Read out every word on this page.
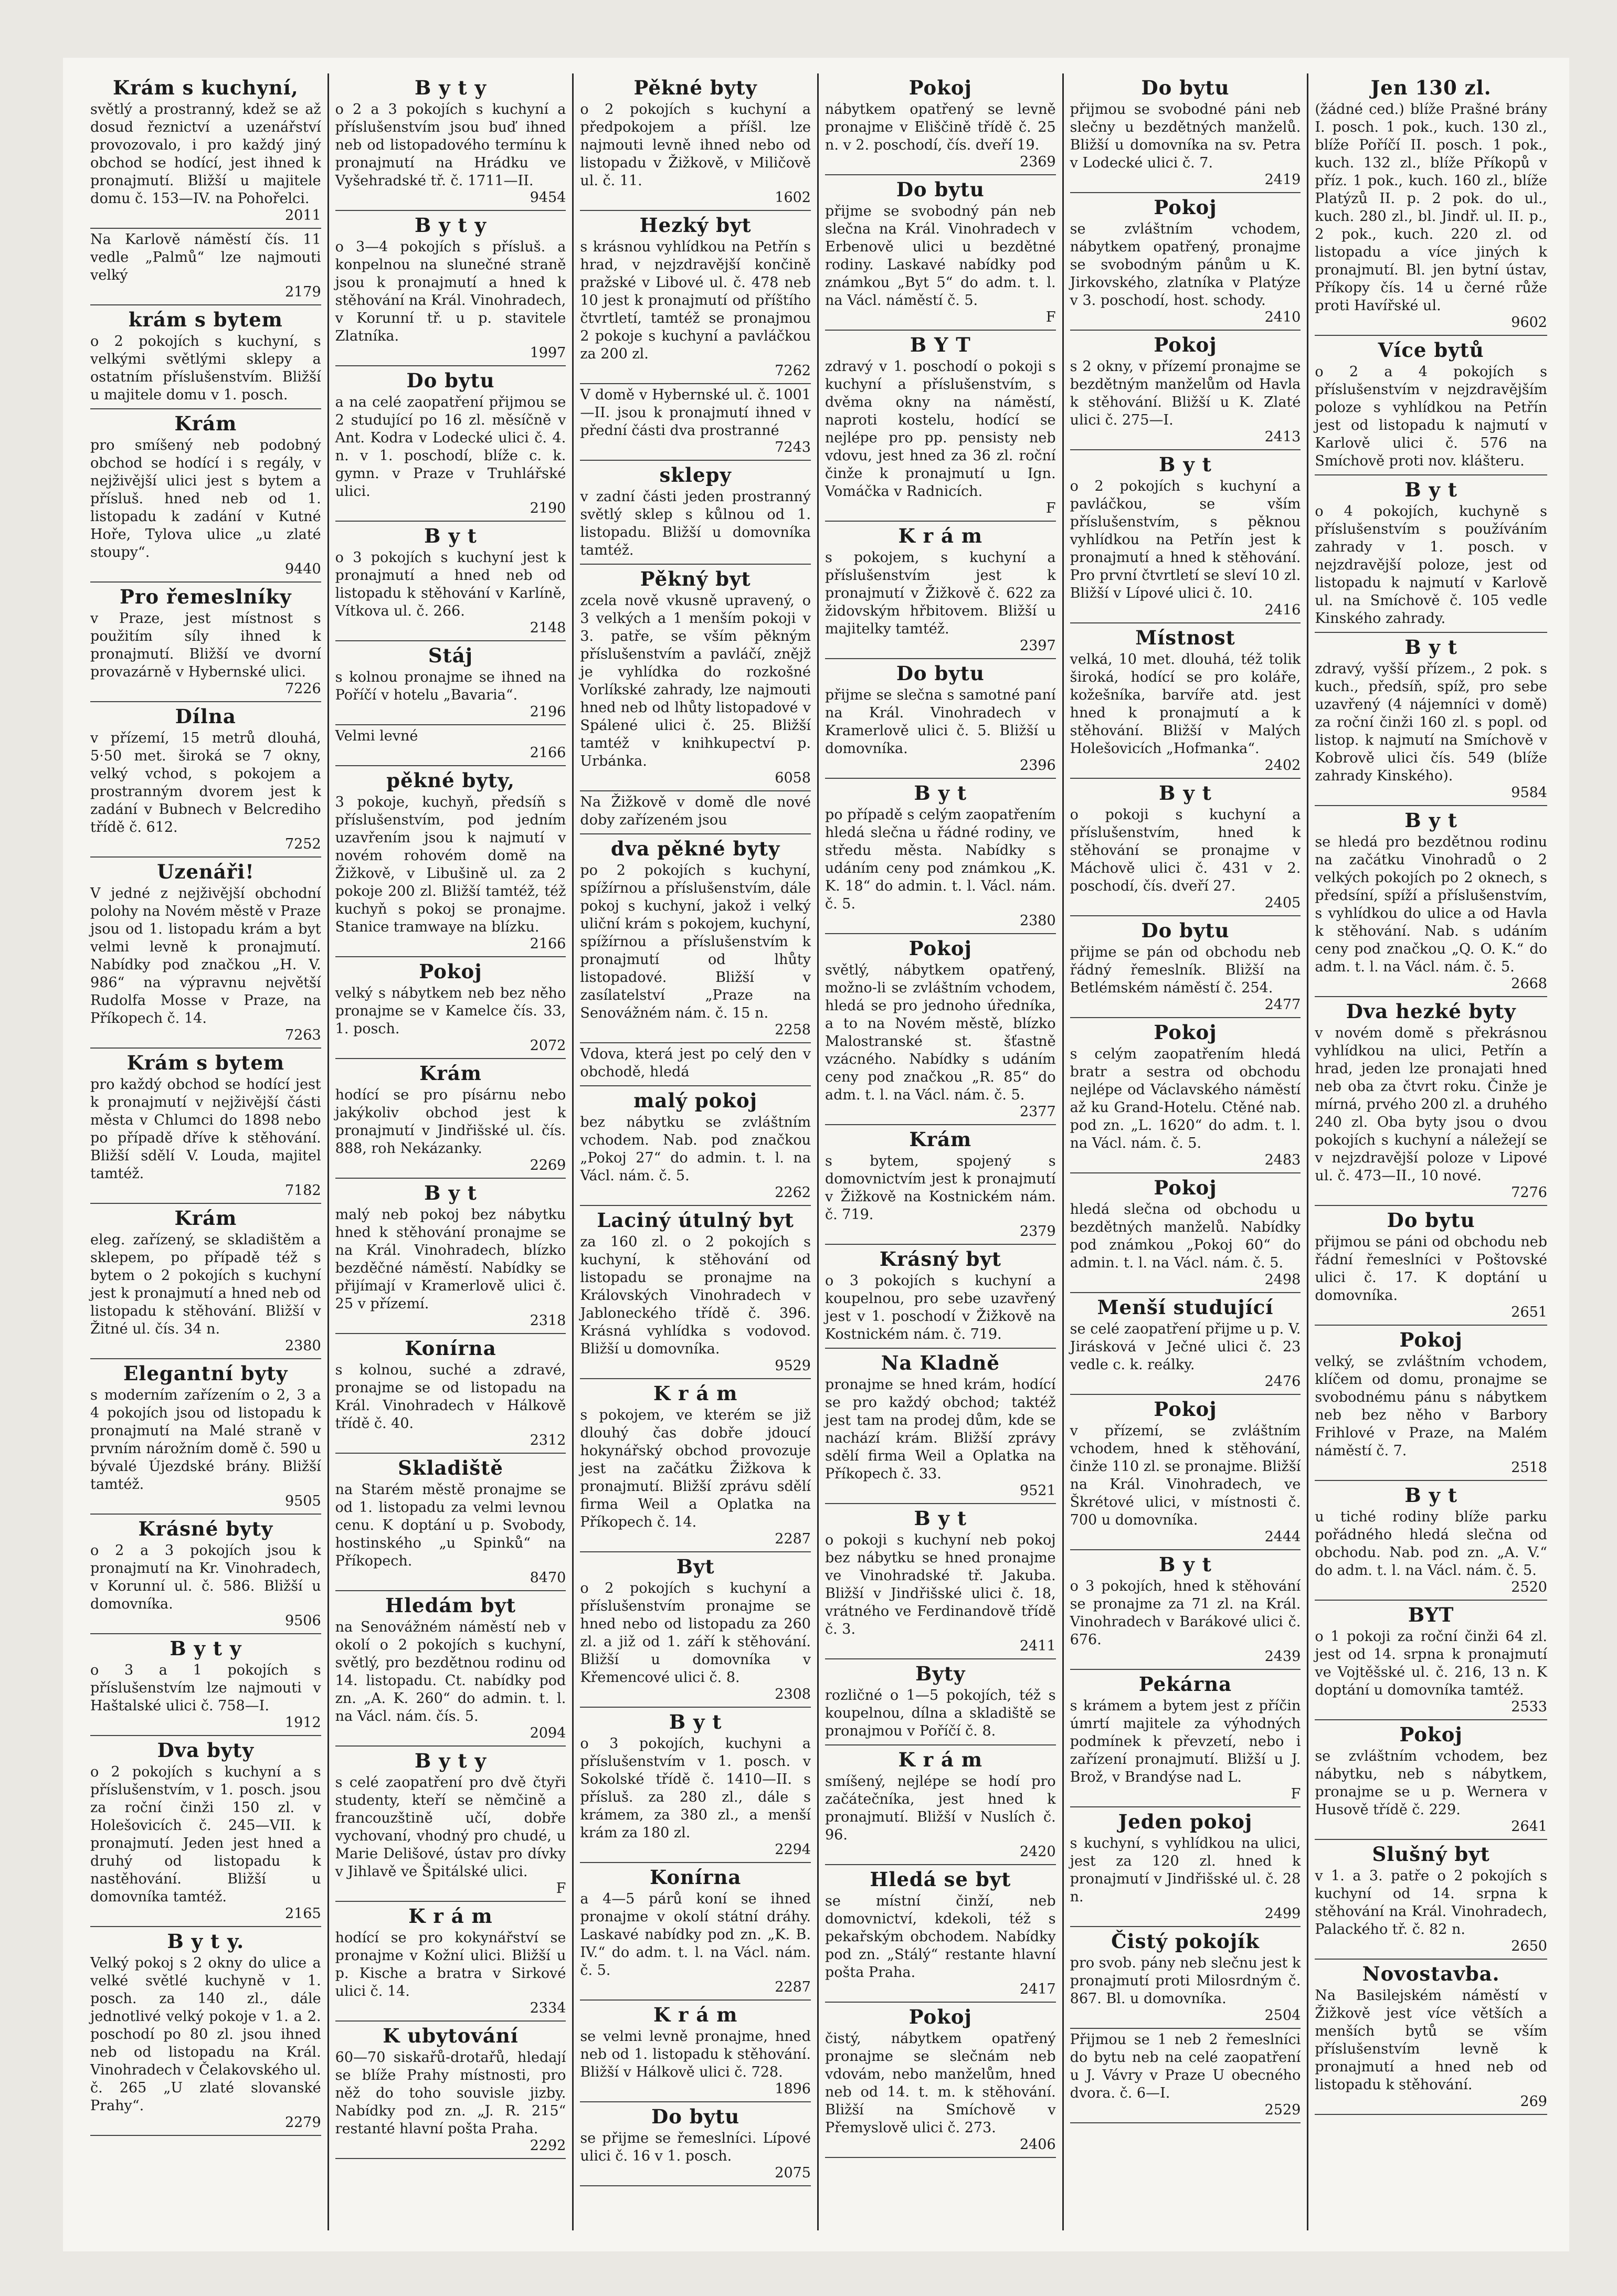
Krám s kuchyní,

světlý a prostranný, kdež se až dosud řeznictví a uzenářství provozovalo, i pro každý jiný obchod se hodící, jest ihned k pronajmutí. Bližší u majitele domu č. 153—IV. na Pohořelci.

2011

Na Karlově náměstí čís. 11 vedle „Palmů“ lze najmouti velký

2179
krám s bytem

o 2 pokojích s kuchyní, s velkými světlými sklepy a ostatním příslušenstvím. Bližší u majitele domu v 1. posch.

Krám

pro smíšený neb podobný obchod se hodící i s regály, v nejživější ulici jest s bytem a přísluš. hned neb od 1. listopadu k zadání v Kutné Hoře, Tylova ulice „u zlaté stoupy“.

9440
Pro řemeslníky

v Praze, jest místnost s použitím síly ihned k pronajmutí. Bližší ve dvorní provazárně v Hybernské ulici.

7226
Dílna

v přízemí, 15 metrů dlouhá, 5·50 met. široká se 7 okny, velký vchod, s pokojem a prostranným dvorem jest k zadání v Bubnech v Belcrediho třídě č. 612.

7252
Uzenáři!

V jedné z nejživější obchodní polohy na Novém městě v Praze jsou od 1. listopadu krám a byt velmi levně k pronajmutí. Nabídky pod značkou „H. V. 986“ na výpravnu největší Rudolfa Mosse v Praze, na Příkopech č. 14.

7263
Krám s bytem

pro každý obchod se hodící jest k pronajmutí v nejživější části města v Chlumci do 1898 nebo po případě dříve k stěhování. Bližší sdělí V. Louda, majitel tamtéž.

7182
Krám

eleg. zařízený, se skladištěm a sklepem, po případě též s bytem o 2 pokojích s kuchyní jest k pronajmutí a hned neb od listopadu k stěhování. Bližší v Žitné ul. čís. 34 n.

2380
Elegantní byty

s moderním zařízením o 2, 3 a 4 pokojích jsou od listopadu k pronajmutí na Malé straně v prvním nárožním domě č. 590 u bývalé Újezdské brány. Bližší tamtéž.

9505
Krásné byty

o 2 a 3 pokojích jsou k pronajmutí na Kr. Vinohradech, v Korunní ul. č. 586. Bližší u domovníka.

9506
B y t y

o 3 a 1 pokojích s příslušenstvím lze najmouti v Haštalské ulici č. 758—I.

1912
Dva byty

o 2 pokojích s kuchyní a s příslušenstvím, v 1. posch. jsou za roční činži 150 zl. v Holešovicích č. 245—VII. k pronajmutí. Jeden jest hned a druhý od listopadu k nastěhování. Bližší u domovníka tamtéž.

2165
B y t y.

Velký pokoj s 2 okny do ulice a velké světlé kuchyně v 1. posch. za 140 zl., dále jednotlivé velký pokoje v 1. a 2. poschodí po 80 zl. jsou ihned neb od listopadu na Král. Vinohradech v Čelakovského ul. č. 265 „U zlaté slovanské Prahy“.

2279
B y t y

o 2 a 3 pokojích s kuchyní a příslušenstvím jsou buď ihned neb od listopadového termínu k pronajmutí na Hrádku ve Vyšehradské tř. č. 1711—II.

9454
B y t y

o 3—4 pokojích s přísluš. a konpelnou na slunečné straně jsou k pronajmutí a hned k stěhování na Král. Vinohradech, v Korunní tř. u p. stavitele Zlatníka.

1997
Do bytu

a na celé zaopatření přijmou se 2 studující po 16 zl. měsíčně v Ant. Kodra v Lodecké ulici č. 4. n. v 1. poschodí, blíže c. k. gymn. v Praze v Truhlářské ulici.

2190
B y t

o 3 pokojích s kuchyní jest k pronajmutí a hned neb od listopadu k stěhování v Karlíně, Vítkova ul. č. 266.

2148
Stáj

s kolnou pronajme se ihned na Poříčí v hotelu „Bavaria“.

2196

Velmi levné

2166
pěkné byty,

3 pokoje, kuchyň, předsíň s příslušenstvím, pod jedním uzavřením jsou k najmutí v novém rohovém domě na Žižkově, v Libušině ul. za 2 pokoje 200 zl. Bližší tamtéž, též kuchyň s pokoj se pronajme. Stanice tramwaye na blízku.

2166
Pokoj

velký s nábytkem neb bez něho pronajme se v Kamelce čís. 33, 1. posch.

2072
Krám

hodící se pro písárnu nebo jakýkoliv obchod jest k pronajmutí v Jindřišské ul. čís. 888, roh Nekázanky.

2269
B y t

malý neb pokoj bez nábytku hned k stěhování pronajme se na Král. Vinohradech, blízko bezděčné náměstí. Nabídky se přijímají v Kramerlově ulici č. 25 v přízemí.

2318
Konírna

s kolnou, suché a zdravé, pronajme se od listopadu na Král. Vinohradech v Hálkově třídě č. 40.

2312
Skladiště

na Starém městě pronajme se od 1. listopadu za velmi levnou cenu. K doptání u p. Svobody, hostinského „u Spinků“ na Příkopech.

8470
Hledám byt

na Senovážném náměstí neb v okolí o 2 pokojích s kuchyní, světlý, pro bezdětnou rodinu od 14. listopadu. Ct. nabídky pod zn. „A. K. 260“ do admin. t. l. na Václ. nám. čís. 5.

2094
B y t y

s celé zaopatření pro dvě čtyři studenty, kteří se němčině a francouzštině učí, dobře vychovaní, vhodný pro chudé, u Marie Delišové, ústav pro dívky v Jihlavě ve Špitálské ulici.

F
K r á m

hodící se pro kokynářství se pronajme v Kožní ulici. Bližší u p. Kische a bratra v Sirkové ulici č. 14.

2334
K ubytování

60—70 siskařů-drotařů, hledají se blíže Prahy místnosti, pro něž do toho souvisle jizby. Nabídky pod zn. „J. R. 215“ restanté hlavní pošta Praha.

2292
Pěkné byty

o 2 pokojích s kuchyní a předpokojem a příšl. lze najmouti levně ihned nebo od listopadu v Žižkově, v Miličově ul. č. 11.

1602
Hezký byt

s krásnou vyhlídkou na Petřín s hrad, v nejzdravější končině pražské v Libové ul. č. 478 neb 10 jest k pronajmutí od příštího čtvrtletí, tamtéž se pronajmou 2 pokoje s kuchyní a pavláčkou za 200 zl.

7262

V domě v Hybernské ul. č. 1001—II. jsou k pronajmutí ihned v přední části dva prostranné

7243
sklepy

v zadní části jeden prostranný světlý sklep s kůlnou od 1. listopadu. Bližší u domovníka tamtéž.

Pěkný byt

zcela nově vkusně upravený, o 3 velkých a 1 menším pokoji v 3. patře, se vším pěkným příslušenstvím a pavláčí, znějž je vyhlídka do rozkošné Vorlíkské zahrady, lze najmouti hned neb od lhůty listopadové v Spálené ulici č. 25. Bližší tamtéž v knihkupectví p. Urbánka.

6058

Na Žižkově v domě dle nové doby zařízeném jsou

dva pěkné byty

po 2 pokojích s kuchyní, spížírnou a příslušenstvím, dále pokoj s kuchyní, jakož i velký uliční krám s pokojem, kuchyní, spížírnou a příslušenstvím k pronajmutí od lhůty listopadové. Bližší v zasílatelství „Praze na Senovážném nám. č. 15 n.

2258

Vdova, která jest po celý den v obchodě, hledá

malý pokoj

bez nábytku se zvláštním vchodem. Nab. pod značkou „Pokoj 27“ do admin. t. l. na Václ. nám. č. 5.

2262
Laciný útulný byt

za 160 zl. o 2 pokojích s kuchyní, k stěhování od listopadu se pronajme na Královských Vinohradech v Jabloneckého třídě č. 396. Krásná vyhlídka s vodovod. Bližší u domovníka.

9529
K r á m

s pokojem, ve kterém se již dlouhý čas dobře jdoucí hokynářský obchod provozuje jest na začátku Žižkova k pronajmutí. Bližší zprávu sdělí firma Weil a Oplatka na Příkopech č. 14.

2287
Byt

o 2 pokojích s kuchyní a příslušenstvím pronajme se hned nebo od listopadu za 260 zl. a již od 1. září k stěhování. Bližší u domovníka v Křemencové ulici č. 8.

2308
B y t

o 3 pokojích, kuchyni a příslušenstvím v 1. posch. v Sokolské třídě č. 1410—II. s přísluš. za 280 zl., dále s krámem, za 380 zl., a menší krám za 180 zl.

2294
Konírna

a 4—5 párů koní se ihned pronajme v okolí státní dráhy. Laskavé nabídky pod zn. „K. B. IV.“ do adm. t. l. na Václ. nám. č. 5.

2287
K r á m

se velmi levně pronajme, hned neb od 1. listopadu k stěhování. Bližší v Hálkově ulici č. 728.

1896
Do bytu

se přijme se řemeslníci. Lípové ulici č. 16 v 1. posch.

2075
Pokoj

nábytkem opatřený se levně pronajme v Eliščině třídě č. 25 n. v 2. poschodí, čís. dveří 19.

2369
Do bytu

přijme se svobodný pán neb slečna na Král. Vinohradech v Erbenově ulici u bezdětné rodiny. Laskavé nabídky pod známkou „Byt 5“ do adm. t. l. na Václ. náměstí č. 5.

F
B Y T

zdravý v 1. poschodí o pokoji s kuchyní a příslušenstvím, s dvěma okny na náměstí, naproti kostelu, hodící se nejlépe pro pp. pensisty neb vdovu, jest hned za 36 zl. roční činže k pronajmutí u Ign. Vomáčka v Radnicích.

F
K r á m

s pokojem, s kuchyní a příslušenstvím jest k pronajmutí v Žižkově č. 622 za židovským hřbitovem. Bližší u majitelky tamtéž.

2397
Do bytu

přijme se slečna s samotné paní na Král. Vinohradech v Kramerlově ulici č. 5. Bližší u domovníka.

2396
B y t

po případě s celým zaopatřením hledá slečna u řádné rodiny, ve středu města. Nabídky s udáním ceny pod známkou „K. K. 18“ do admin. t. l. Václ. nám. č. 5.

2380
Pokoj

světlý, nábytkem opatřený, možno-li se zvláštním vchodem, hledá se pro jednoho úředníka, a to na Novém městě, blízko Malostranské st. šťastně vzácného. Nabídky s udáním ceny pod značkou „R. 85“ do adm. t. l. na Václ. nám. č. 5.

2377
Krám

s bytem, spojený s domovnictvím jest k pronajmutí v Žižkově na Kostnickém nám. č. 719.

2379
Krásný byt

o 3 pokojích s kuchyní a koupelnou, pro sebe uzavřený jest v 1. poschodí v Žižkově na Kostnickém nám. č. 719.

Na Kladně

pronajme se hned krám, hodící se pro každý obchod; taktéž jest tam na prodej dům, kde se nachází krám. Bližší zprávy sdělí firma Weil a Oplatka na Příkopech č. 33.

9521
B y t

o pokoji s kuchyní neb pokoj bez nábytku se hned pronajme ve Vinohradské tř. Jakuba. Bližší v Jindřišské ulici č. 18, vrátného ve Ferdinandově třídě č. 3.

2411
Byty

rozličné o 1—5 pokojích, též s koupelnou, dílna a skladiště se pronajmou v Poříčí č. 8.

K r á m

smíšený, nejlépe se hodí pro začátečníka, jest hned k pronajmutí. Bližší v Nuslích č. 96.

2420
Hledá se byt

se místní činží, neb domovnictví, kdekoli, též s pekařským obchodem. Nabídky pod zn. „Stálý“ restante hlavní pošta Praha.

2417
Pokoj

čistý, nábytkem opatřený pronajme se slečnám neb vdovám, nebo manželům, hned neb od 14. t. m. k stěhování. Bližší na Smíchově v Přemyslově ulici č. 273.

2406
Do bytu

přijmou se svobodné páni neb slečny u bezdětných manželů. Bližší u domovníka na sv. Petra v Lodecké ulici č. 7.

2419
Pokoj

se zvláštním vchodem, nábytkem opatřený, pronajme se svobodným pánům u K. Jirkovského, zlatníka v Platýze v 3. poschodí, host. schody.

2410
Pokoj

s 2 okny, v přízemí pronajme se bezdětným manželům od Havla k stěhování. Bližší u K. Zlaté ulici č. 275—I.

2413
B y t

o 2 pokojích s kuchyní a pavláčkou, se vším příslušenstvím, s pěknou vyhlídkou na Petřín jest k pronajmutí a hned k stěhování. Pro první čtvrtletí se sleví 10 zl. Bližší v Lípové ulici č. 10.

2416
Místnost

velká, 10 met. dlouhá, též tolik široká, hodící se pro koláře, kožešníka, barvíře atd. jest hned k pronajmutí a k stěhování. Bližší v Malých Holešovicích „Hofmanka“.

2402
B y t

o pokoji s kuchyní a příslušenstvím, hned k stěhování se pronajme v Máchově ulici č. 431 v 2. poschodí, čís. dveří 27.

2405
Do bytu

přijme se pán od obchodu neb řádný řemeslník. Bližší na Betlémském náměstí č. 254.

2477
Pokoj

s celým zaopatřením hledá bratr a sestra od obchodu nejlépe od Václavského náměstí až ku Grand-Hotelu. Ctěné nab. pod zn. „L. 1620“ do adm. t. l. na Václ. nám. č. 5.

2483
Pokoj

hledá slečna od obchodu u bezdětných manželů. Nabídky pod známkou „Pokoj 60“ do admin. t. l. na Václ. nám. č. 5.

2498
Menší studující

se celé zaopatření přijme u p. V. Jirásková v Ječné ulici č. 23 vedle c. k. reálky.

2476
Pokoj

v přízemí, se zvláštním vchodem, hned k stěhování, činže 110 zl. se pronajme. Bližší na Král. Vinohradech, ve Škrétové ulici, v místnosti č. 700 u domovníka.

2444
B y t

o 3 pokojích, hned k stěhování se pronajme za 71 zl. na Král. Vinohradech v Barákové ulici č. 676.

2439
Pekárna

s krámem a bytem jest z příčin úmrtí majitele za výhodných podmínek k převzetí, nebo i zařízení pronajmutí. Bližší u J. Brož, v Brandýse nad L.

F
Jeden pokoj

s kuchyní, s vyhlídkou na ulici, jest za 120 zl. hned k pronajmutí v Jindřišské ul. č. 28 n.

2499
Čistý pokojík

pro svob. pány neb slečnu jest k pronajmutí proti Milosrdným č. 867. Bl. u domovníka.

2504

Přijmou se 1 neb 2 řemeslníci do bytu neb na celé zaopatření u J. Vávry v Praze U obecného dvora. č. 6—I.

2529
Jen 130 zl.

(žádné ced.) blíže Prašné brány I. posch. 1 pok., kuch. 130 zl., blíže Poříčí II. posch. 1 pok., kuch. 132 zl., blíže Příkopů v příz. 1 pok., kuch. 160 zl., blíže Platýzů II. p. 2 pok. do ul., kuch. 280 zl., bl. Jindř. ul. II. p., 2 pok., kuch. 220 zl. od listopadu a více jiných k pronajmutí. Bl. jen bytní ústav, Příkopy čís. 14 u černé růže proti Havířské ul.

9602
Více bytů

o 2 a 4 pokojích s příslušenstvím v nejzdravějším poloze s vyhlídkou na Petřín jest od listopadu k najmutí v Karlově ulici č. 576 na Smíchově proti nov. klášteru.

B y t

o 4 pokojích, kuchyně s příslušenstvím s používáním zahrady v 1. posch. v nejzdravější poloze, jest od listopadu k najmutí v Karlově ul. na Smíchově č. 105 vedle Kinského zahrady.

B y t

zdravý, vyšší přízem., 2 pok. s kuch., předsíň, spíž, pro sebe uzavřený (4 nájemníci v domě) za roční činži 160 zl. s popl. od listop. k najmutí na Smíchově v Kobrově ulici čís. 549 (blíže zahrady Kinského).

9584
B y t

se hledá pro bezdětnou rodinu na začátku Vinohradů o 2 velkých pokojích po 2 oknech, s předsíní, spíží a příslušenstvím, s vyhlídkou do ulice a od Havla k stěhování. Nab. s udáním ceny pod značkou „Q. O. K.“ do adm. t. l. na Václ. nám. č. 5.

2668
Dva hezké byty

v novém domě s překrásnou vyhlídkou na ulici, Petřín a hrad, jeden lze pronajati hned neb oba za čtvrt roku. Činže je mírná, prvého 200 zl. a druhého 240 zl. Oba byty jsou o dvou pokojích s kuchyní a náležejí se v nejzdravější poloze v Lipové ul. č. 473—II., 10 nové.

7276
Do bytu

přijmou se páni od obchodu neb řádní řemeslníci v Poštovské ulici č. 17. K doptání u domovníka.

2651
Pokoj

velký, se zvláštním vchodem, klíčem od domu, pronajme se svobodnému pánu s nábytkem neb bez něho v Barbory Frihlové v Praze, na Malém náměstí č. 7.

2518
B y t

u tiché rodiny blíže parku pořádného hledá slečna od obchodu. Nab. pod zn. „A. V.“ do adm. t. l. na Václ. nám. č. 5.

2520
BYT

o 1 pokoji za roční činži 64 zl. jest od 14. srpna k pronajmutí ve Vojtěšské ul. č. 216, 13 n. K doptání u domovníka tamtéž.

2533
Pokoj

se zvláštním vchodem, bez nábytku, neb s nábytkem, pronajme se u p. Wernera v Husově třídě č. 229.

2641
Slušný byt

v 1. a 3. patře o 2 pokojích s kuchyní od 14. srpna k stěhování na Král. Vinohradech, Palackého tř. č. 82 n.

2650
Novostavba.

Na Basilejském náměstí v Žižkově jest více větších a menších bytů se vším příslušenstvím levně k pronajmutí a hned neb od listopadu k stěhování.

269
